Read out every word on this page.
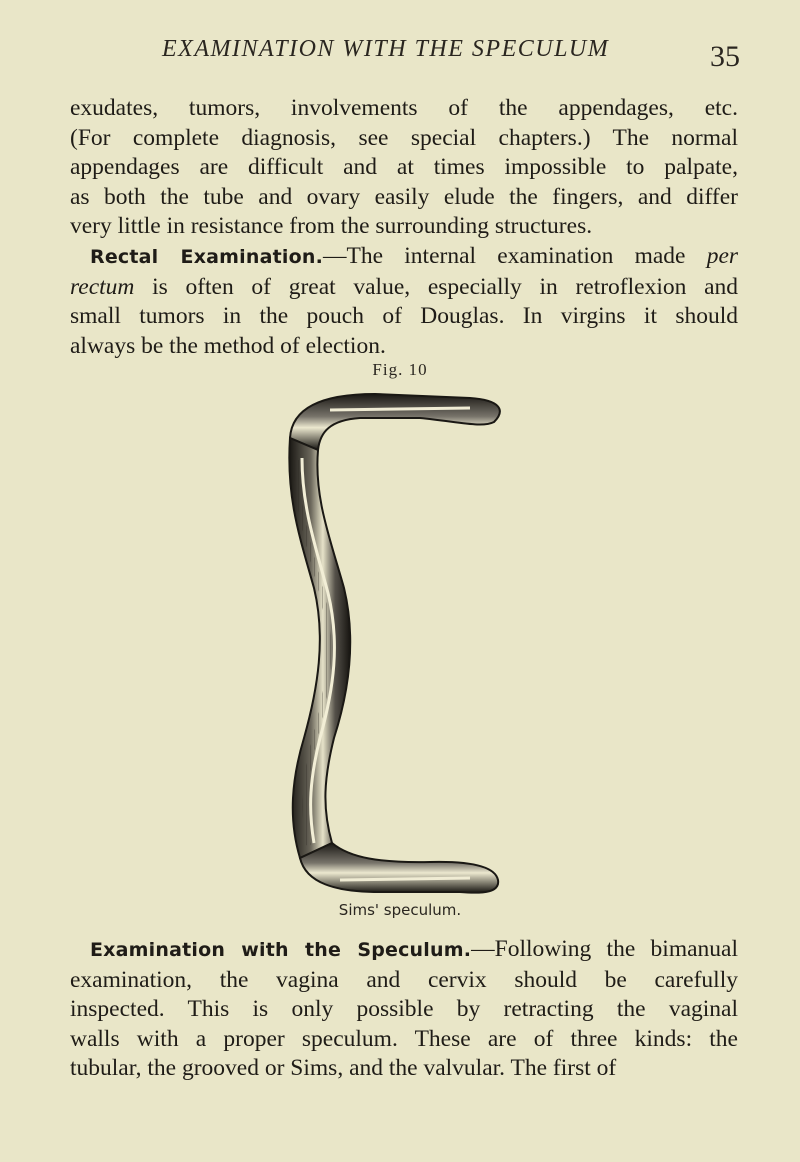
EXAMINATION WITH THE SPECULUM	35
exudates, tumors, involvements of the appendages, etc.
(For complete diagnosis, see special chapters.) The normal
appendages are difficult and at times impossible to palpate,
as both the tube and ovary easily elude the fingers, and differ
very little in resistance from the surrounding structures.
Rectal Examination.—The internal examination made per
rectum is often of great value, especially in retroflexion and
small tumors in the pouch of Douglas. In virgins it should
always be the method of election.
Fig. 10
Sims' speculum.
Examination with the Speculum.—Following the bimanual
examination, the vagina and cervix should be carefully
inspected. This is only possible by retracting the vaginal
walls with a proper speculum. These are of three kinds: the
tubular, the grooved or Sims, and the valvular. The first of
